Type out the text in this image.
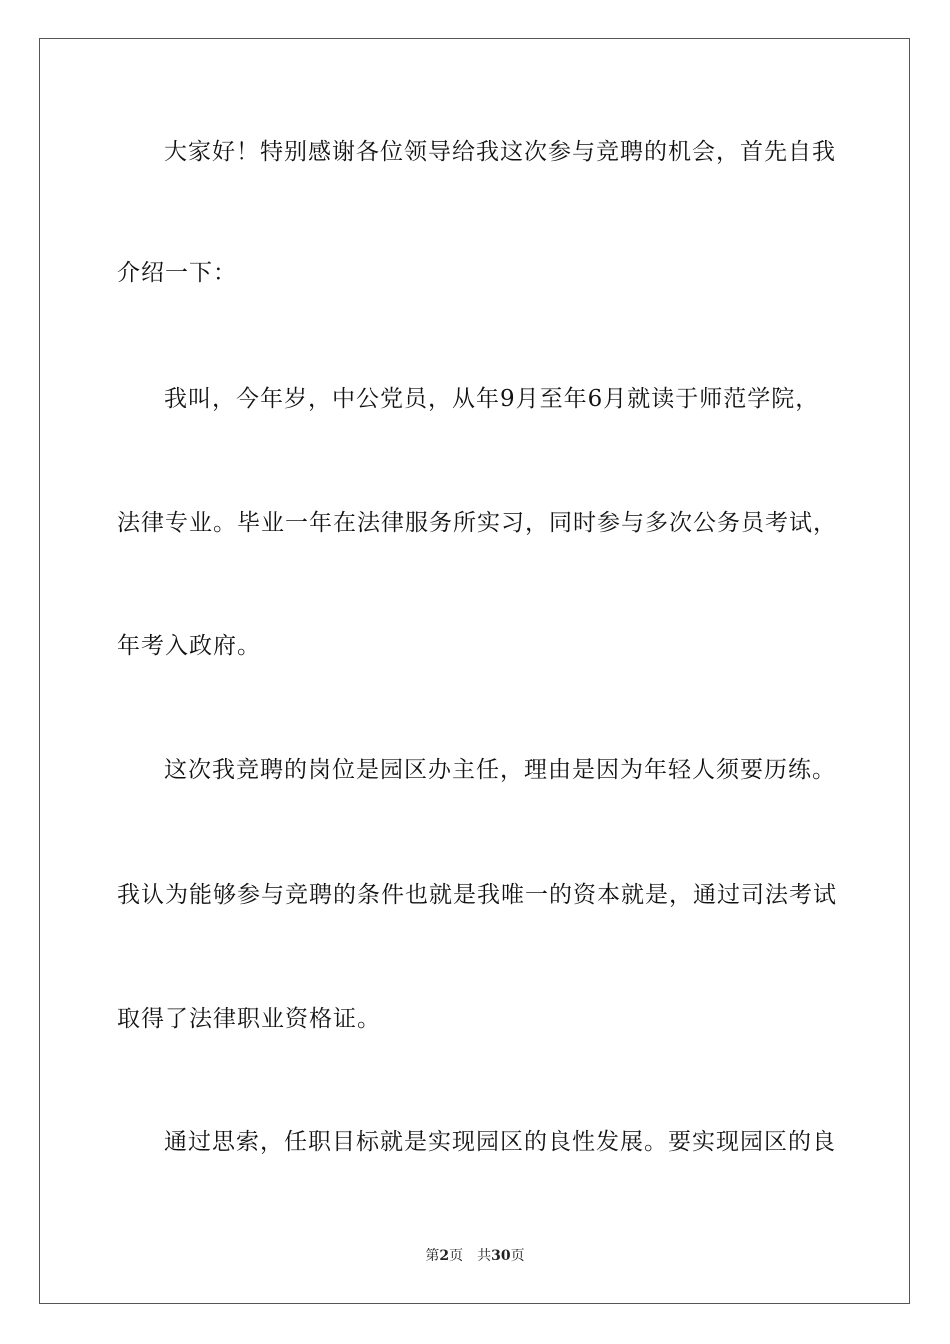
大家好！特别感谢各位领导给我这次参与竞聘的机会，首先自我
介绍一下：
我叫，今年岁，中公党员，从年9月至年6月就读于师范学院，
法律专业。毕业一年在法律服务所实习，同时参与多次公务员考试，
年考入政府。
这次我竞聘的岗位是园区办主任，理由是因为年轻人须要历练。
我认为能够参与竞聘的条件也就是我唯一的资本就是，通过司法考试
取得了法律职业资格证。
通过思索，任职目标就是实现园区的良性发展。要实现园区的良
第2页 共30页
